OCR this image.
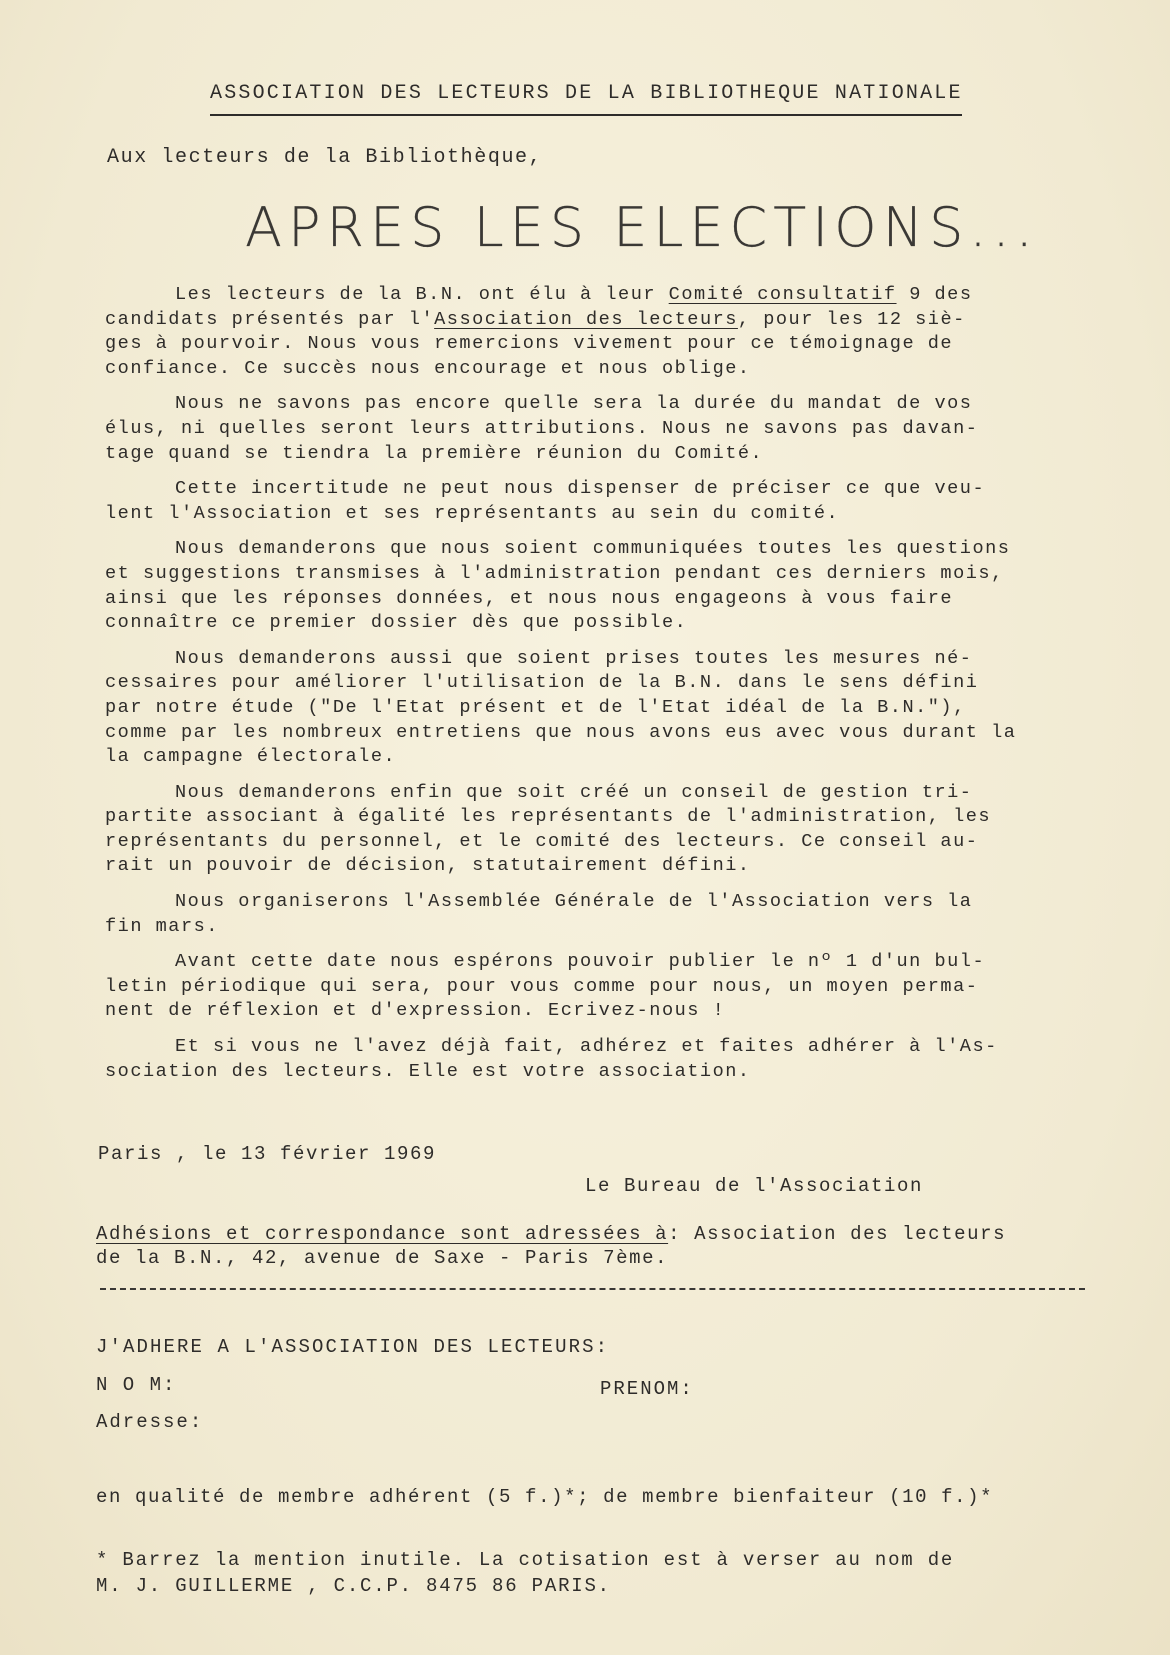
ASSOCIATION DES LECTEURS DE LA BIBLIOTHEQUE NATIONALE
Aux lecteurs de la Bibliothèque,
APRES LES ELECTIONS...
Les lecteurs de la B.N. ont élu à leur Comité consultatif 9 des
candidats présentés par l'Association des lecteurs, pour les 12 siè-
ges à pourvoir. Nous vous remercions vivement pour ce témoignage de
confiance. Ce succès nous encourage et nous oblige.
Nous ne savons pas encore quelle sera la durée du mandat de vos
élus, ni quelles seront leurs attributions. Nous ne savons pas davan-
tage quand se tiendra la première réunion du Comité.
Cette incertitude ne peut nous dispenser de préciser ce que veu-
lent l'Association et ses représentants au sein du comité.
Nous demanderons que nous soient communiquées toutes les questions
et suggestions transmises à l'administration pendant ces derniers mois,
ainsi que les réponses données, et nous nous engageons à vous faire
connaître ce premier dossier dès que possible.
Nous demanderons aussi que soient prises toutes les mesures né-
cessaires pour améliorer l'utilisation de la B.N. dans le sens défini
par notre étude ("De l'Etat présent et de l'Etat idéal de la B.N."),
comme par les nombreux entretiens que nous avons eus avec vous durant la
la campagne électorale.
Nous demanderons enfin que soit créé un conseil de gestion tri-
partite associant à égalité les représentants de l'administration, les
représentants du personnel, et le comité des lecteurs. Ce conseil au-
rait un pouvoir de décision, statutairement défini.
Nous organiserons l'Assemblée Générale de l'Association vers la
fin mars.
Avant cette date nous espérons pouvoir publier le nº 1 d'un bul-
letin périodique qui sera, pour vous comme pour nous, un moyen perma-
nent de réflexion et d'expression. Ecrivez-nous !
Et si vous ne l'avez déjà fait, adhérez et faites adhérer à l'As-
sociation des lecteurs. Elle est votre association.
Paris , le 13 février 1969
Le Bureau de l'Association
Adhésions et correspondance sont adressées à: Association des lecteurs
de la B.N., 42, avenue de Saxe - Paris 7ème.
J'ADHERE A L'ASSOCIATION DES LECTEURS:
N O M:	PRENOM:
Adresse:
en qualité de membre adhérent (5 f.)*; de membre bienfaiteur (10 f.)*
* Barrez la mention inutile. La cotisation est à verser au nom de
M. J. GUILLERME , C.C.P. 8475 86 PARIS.
